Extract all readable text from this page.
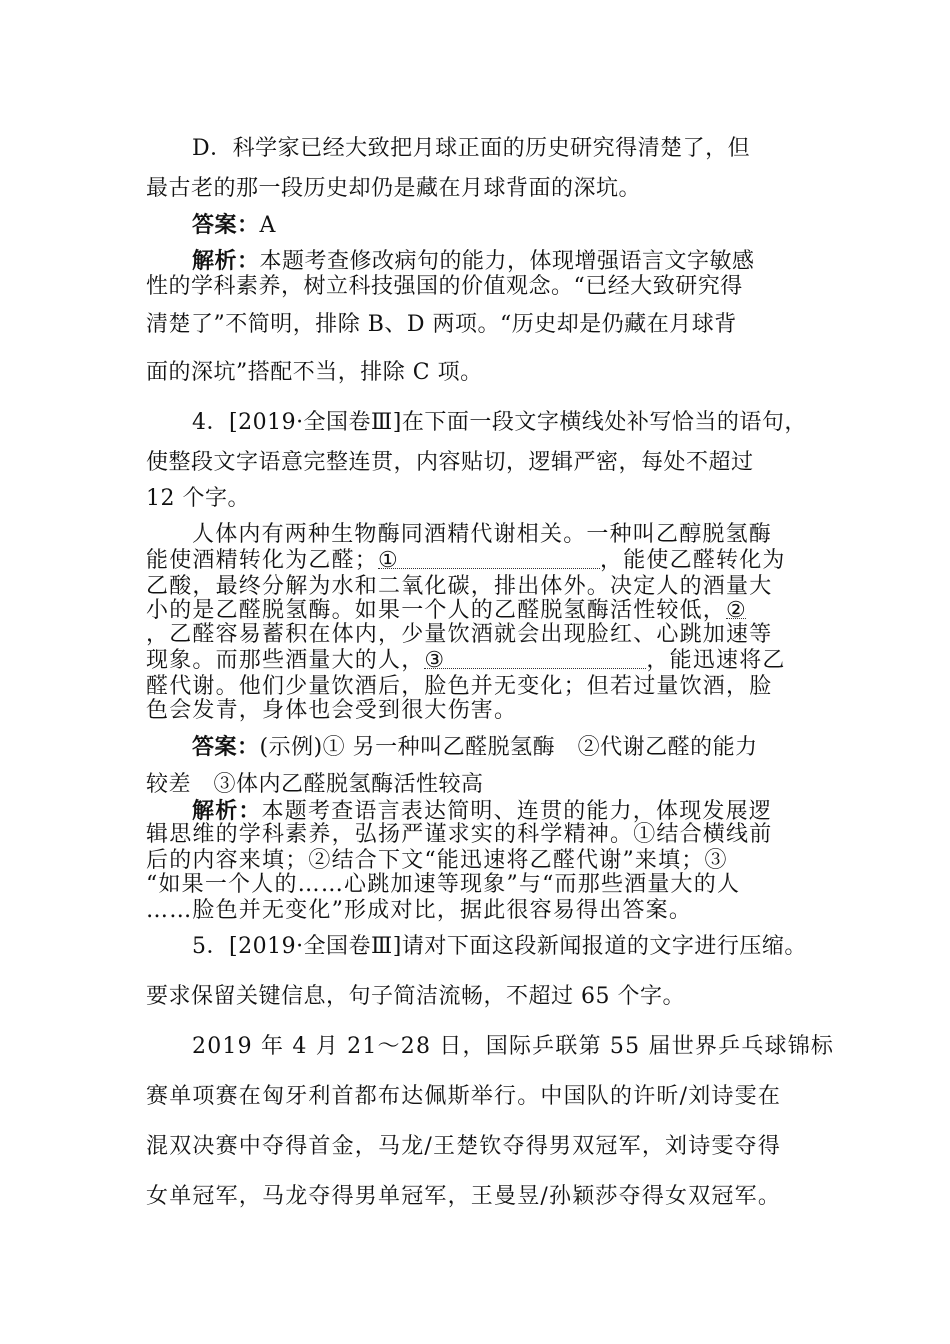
D．科学家已经大致把月球正面的历史研究得清楚了，但
最古老的那一段历史却仍是藏在月球背面的深坑。
答案：A
解析：本题考查修改病句的能力，体现增强语言文字敏感
性的学科素养，树立科技强国的价值观念。“已经大致研究得
清楚了”不简明，排除 B、D 两项。“历史却是仍藏在月球背
面的深坑”搭配不当，排除 C 项。
4．[2019·全国卷Ⅲ]在下面一段文字横线处补写恰当的语句，
使整段文字语意完整连贯，内容贴切，逻辑严密，每处不超过
12 个字。
人体内有两种生物酶同酒精代谢相关。一种叫乙醇脱氢酶
能使酒精转化为乙醛；①	，能使乙醛转化为
乙酸，最终分解为水和二氧化碳，排出体外。决定人的酒量大
小的是乙醛脱氢酶。如果一个人的乙醛脱氢酶活性较低，②
，乙醛容易蓄积在体内，少量饮酒就会出现脸红、心跳加速等
现象。而那些酒量大的人，③	，能迅速将乙
醛代谢。他们少量饮酒后，脸色并无变化；但若过量饮酒，脸
色会发青，身体也会受到很大伤害。
答案：(示例)① 另一种叫乙醛脱氢酶　②代谢乙醛的能力
较差　③体内乙醛脱氢酶活性较高
解析：本题考查语言表达简明、连贯的能力，体现发展逻
辑思维的学科素养，弘扬严谨求实的科学精神。①结合横线前
后的内容来填；②结合下文“能迅速将乙醛代谢”来填；③
“如果一个人的……心跳加速等现象”与“而那些酒量大的人
……脸色并无变化”形成对比，据此很容易得出答案。
5．[2019·全国卷Ⅲ]请对下面这段新闻报道的文字进行压缩。
要求保留关键信息，句子简洁流畅，不超过 65 个字。
2019 年 4 月 21～28 日，国际乒联第 55 届世界乒乓球锦标
赛单项赛在匈牙利首都布达佩斯举行。中国队的许昕/刘诗雯在
混双决赛中夺得首金，马龙/王楚钦夺得男双冠军，刘诗雯夺得
女单冠军，马龙夺得男单冠军，王曼昱/孙颖莎夺得女双冠军。
